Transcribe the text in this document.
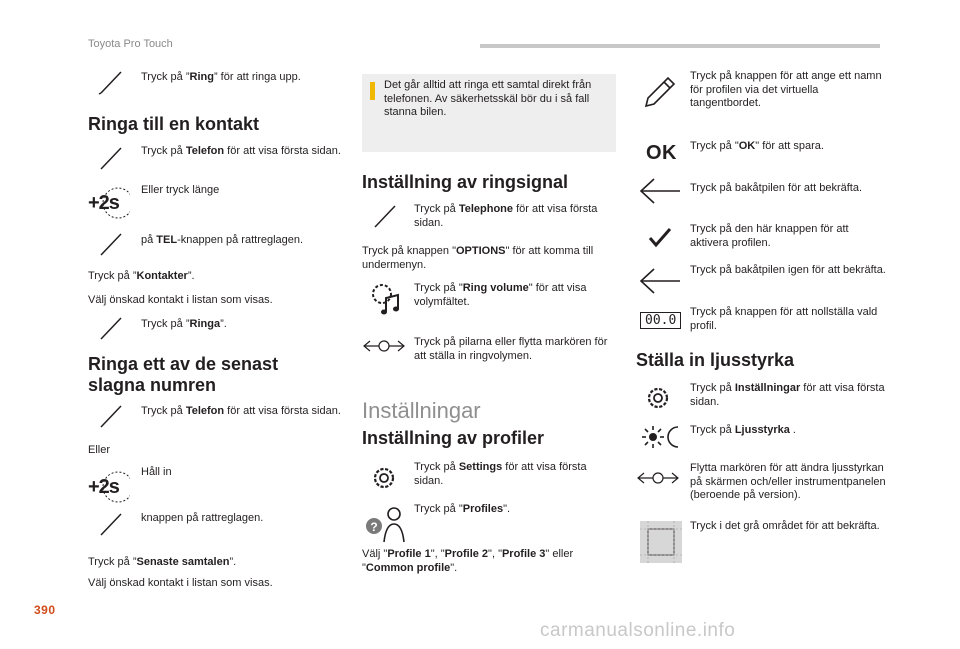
Toyota Pro Touch
Tryck på ”Ring” för att ringa upp.
Ringa till en kontakt
Tryck på Telefon för att visa första sidan.
+2s
Eller tryck länge
på TEL-knappen på rattreglagen.
Tryck på ”Kontakter”.
Välj önskad kontakt i listan som visas.
Tryck på ”Ringa”.
Ringa ett av de senast slagna numren
Tryck på Telefon för att visa första sidan.
Eller
Håll in
+2s
knappen på rattreglagen.
Tryck på ”Senaste samtalen”.
Välj önskad kontakt i listan som visas.
Det går alltid att ringa ett samtal direkt från telefonen. Av säkerhetsskäl bör du i så fall stanna bilen.
Inställning av ringsignal
Tryck på Telephone för att visa första sidan.
Tryck på knappen "OPTIONS" för att komma till undermenyn.
Tryck på "Ring volume" för att visa volymfältet.
Tryck på pilarna eller flytta markören för att ställa in ringvolymen.
Inställningar
Inställning av profiler
Tryck på Settings för att visa första sidan.
?
Tryck på "Profiles".
Välj "Profile 1", "Profile 2", "Profile 3" eller "Common profile".
Tryck på knappen för att ange ett namn för profilen via det virtuella tangentbordet.
OK Tryck på "OK" för att spara.
Tryck på bakåtpilen för att bekräfta.
Tryck på den här knappen för att aktivera profilen.
Tryck på bakåtpilen igen för att bekräfta.
00.0
Tryck på knappen för att nollställa vald profil.
Ställa in ljusstyrka
Tryck på Inställningar för att visa första sidan.
Tryck på Ljusstyrka .
Flytta markören för att ändra ljusstyrkan på skärmen och/eller instrumentpanelen (beroende på version).
Tryck i det grå området för att bekräfta.
390
carmanualsonline.info
